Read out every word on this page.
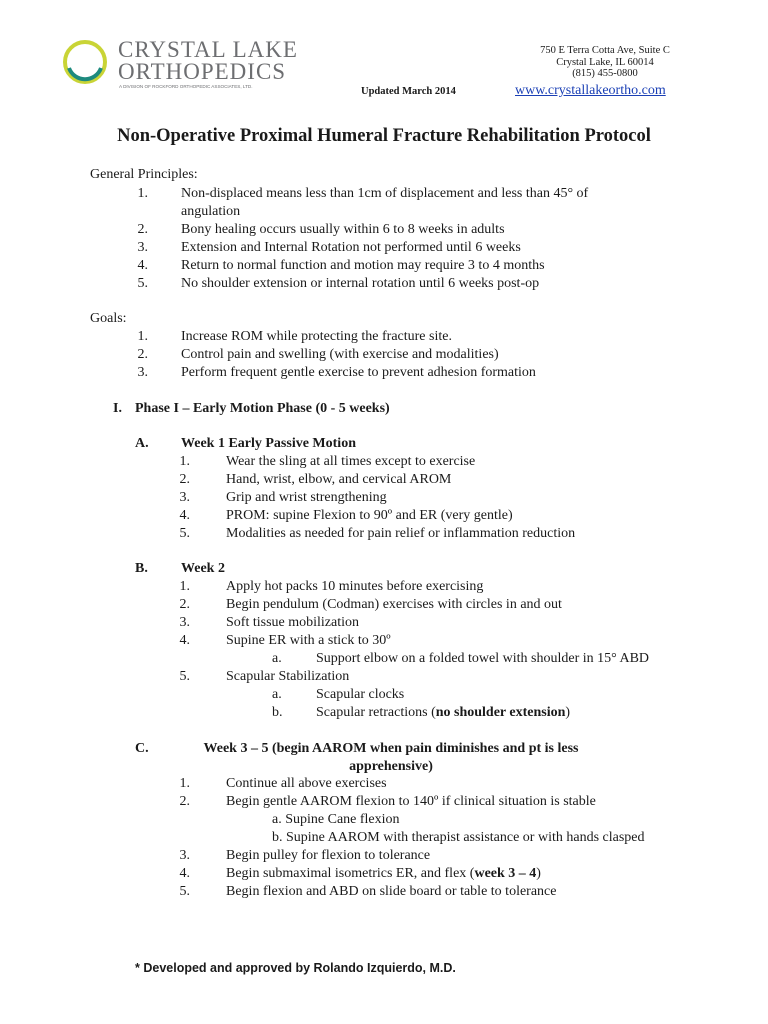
CRYSTAL LAKE
ORTHOPEDICS
A DIVISION OF ROCKFORD ORTHOPEDIC ASSOCIATES, LTD.	Updated March 2014
750 E Terra Cotta Ave, Suite C
Crystal Lake, IL 60014
(815) 455-0800
www.crystallakeortho.com
Non-Operative Proximal Humeral Fracture Rehabilitation Protocol
General Principles:
1. Non-displaced means less than 1cm of displacement and less than 45° of
angulation
2. Bony healing occurs usually within 6 to 8 weeks in adults
3. Extension and Internal Rotation not performed until 6 weeks
4. Return to normal function and motion may require 3 to 4 months
5. No shoulder extension or internal rotation until 6 weeks post-op
Goals:
1. Increase ROM while protecting the fracture site.
2. Control pain and swelling (with exercise and modalities)
3. Perform frequent gentle exercise to prevent adhesion formation
I. Phase I – Early Motion Phase (0 - 5 weeks)
A. Week 1 Early Passive Motion
1.	Wear the sling at all times except to exercise
2.	Hand, wrist, elbow, and cervical AROM
3.	Grip and wrist strengthening
4.	PROM: supine Flexion to 90º and ER (very gentle)
5.	Modalities as needed for pain relief or inflammation reduction
B. Week 2
1.	Apply hot packs 10 minutes before exercising
2.	Begin pendulum (Codman) exercises with circles in and out
3.	Soft tissue mobilization
4.	Supine ER with a stick to 30º
a. Support elbow on a folded towel with shoulder in 15° ABD
5.	Scapular Stabilization
a. Scapular clocks
b. Scapular retractions (no shoulder extension)
C.	Week 3 – 5 (begin AAROM when pain diminishes and pt is less
apprehensive)
1.	Continue all above exercises
2.	Begin gentle AAROM flexion to 140º if clinical situation is stable
a. Supine Cane flexion
b. Supine AAROM with therapist assistance or with hands clasped
3.	Begin pulley for flexion to tolerance
4.	Begin submaximal isometrics ER, and flex (week 3 – 4)
5.	Begin flexion and ABD on slide board or table to tolerance
* Developed and approved by Rolando Izquierdo, M.D.
